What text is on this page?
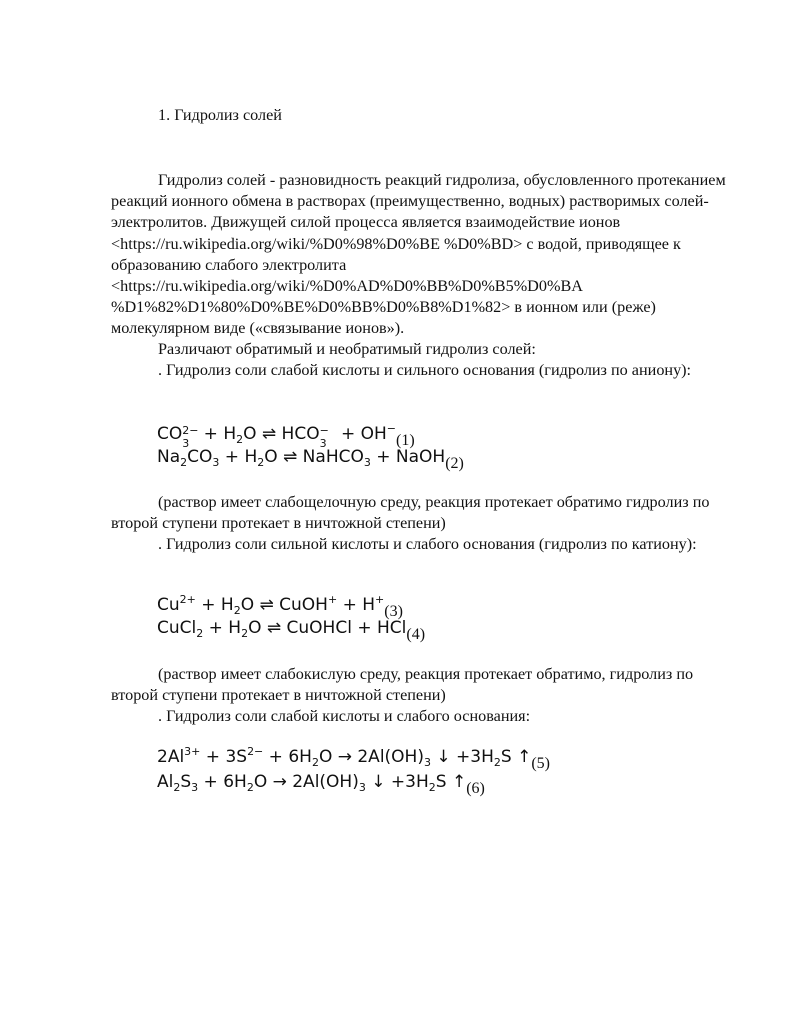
1. Гидролиз солей

Гидролиз солей - разновидность реакций гидролиза, обусловленного протеканием реакций ионного обмена в растворах (преимущественно, водных) растворимых солей-электролитов. Движущей силой процесса является взаимодействие ионов <https://ru.wikipedia.org/wiki/%D0%98%D0%BE %D0%BD> с водой, приводящее к образованию слабого электролита <https://ru.wikipedia.org/wiki/%D0%AD%D0%BB%D0%B5%D0%BA %D1%82%D1%80%D0%BE%D0%BB%D0%B8%D1%82> в ионном или (реже) молекулярном виде («связывание ионов»).

Различают обратимый и необратимый гидролиз солей:

. Гидролиз соли слабой кислоты и сильного основания (гидролиз по аниону):

CO 2−
$3 + H_2O$ ⇌ HCO −
3 + OH−(1)
$Na_2CO_3 + H_2O$ ⇌ NaHCO$_3$ + NaOH(2)

(раствор имеет слабощелочную среду, реакция протекает обратимо гидролиз по второй ступени протекает в ничтожной степени)

. Гидролиз соли сильной кислоты и слабого основания (гидролиз по катиону):

$Cu^{2+} + H_2O$ ⇌ CuOH+ + H+(3)
CuCl$_2$ + $H_2O$ ⇌ CuOHCl + HCl(4)

(раствор имеет слабокислую среду, реакция протекает обратимо, гидролиз по второй ступени протекает в ничтожной степени)

. Гидролиз соли слабой кислоты и слабого основания:

$2Al^{3+} + 3S^{2-} + 6H_2O \to 2Al(OH)_3$ ↓ $+3H_2S$ ↑(5)
$Al_2S_3 + 6H_2O \to 2Al(OH)_3$ ↓ $+3H_2S$ ↑(6)
